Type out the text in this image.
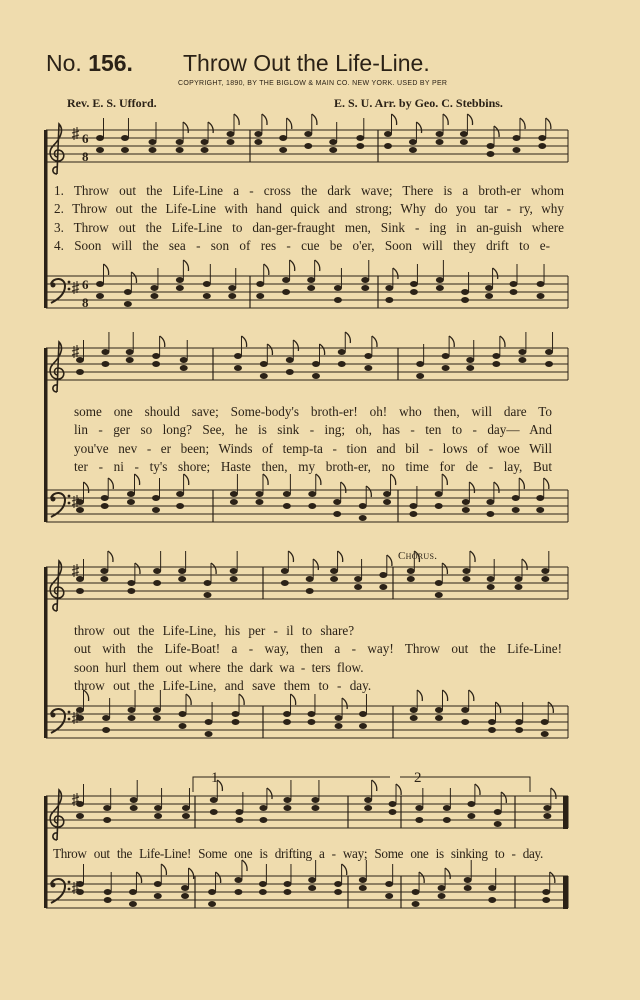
6
8
6
8
No. 156. Throw Out the Life-Line.
COPYRIGHT, 1890, BY THE BIGLOW & MAIN CO. NEW YORK. USED BY PER
Rev. E. S. Ufford.	E. S. U. Arr. by Geo. C. Stebbins.
1. Throw out the Life-Line a - cross the dark wave; There is a broth-er whom
2. Throw out the Life-Line with hand quick and strong; Why do you tar - ry, why
3. Throw out the Life-Line to dan-ger-fraught men, Sink - ing in an-guish where
4. Soon will the sea - son of res - cue be o'er, Soon will they drift to e-
some one should save; Some-body's broth-er! oh! who then, will dare To
lin - ger so long? See, he is sink - ing; oh, has - ten to - day— And
you've nev - er been; Winds of temp-ta - tion and bil - lows of woe Will
ter - ni - ty's shore; Haste then, my broth-er, no time for de - lay, But
Chorus.
throw out the Life-Line, his per - il to share?
out with the Life-Boat! a - way, then a - way! Throw out the Life-Line!
soon hurl them out where the dark wa - ters flow.
throw out the Life-Line, and save them to - day.
1	2
Throw out the Life-Line! Some one is drifting a - way; Some one is sinking to - day.
